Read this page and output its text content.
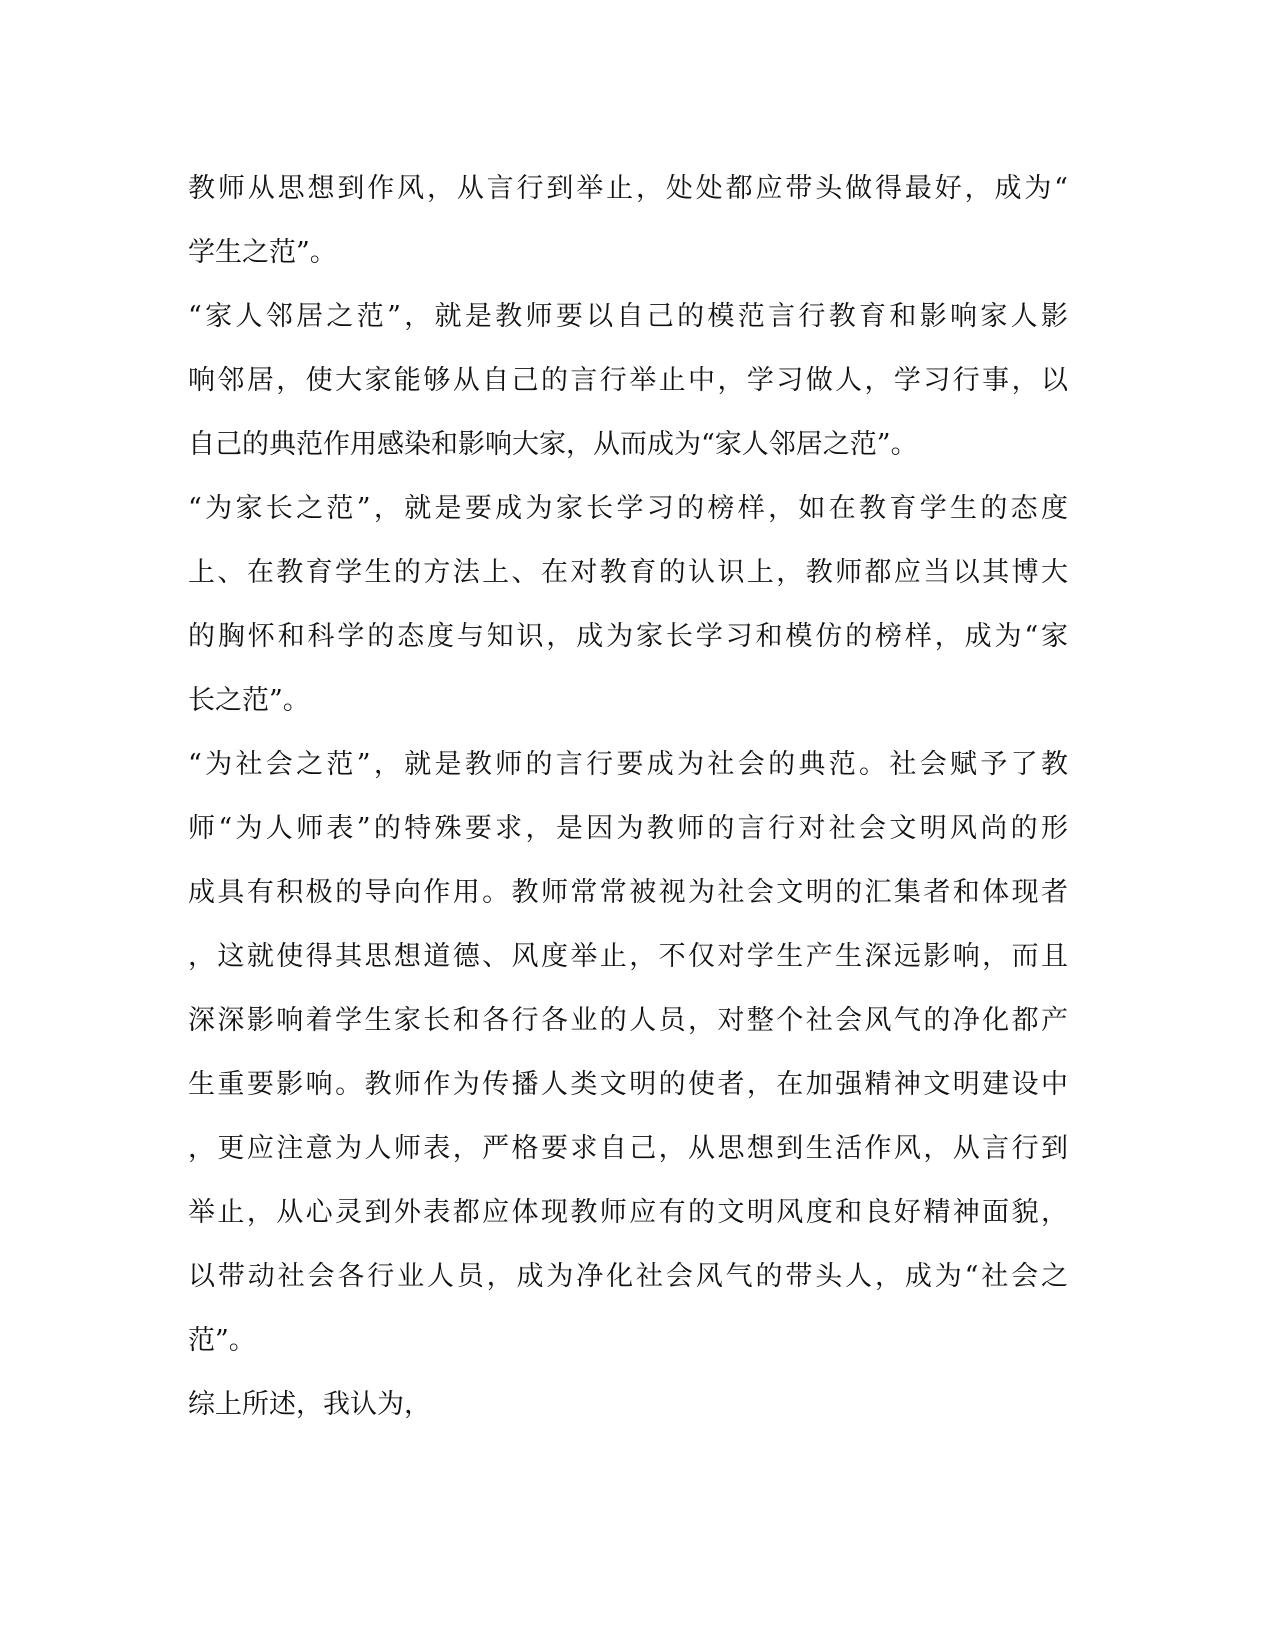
教师从思想到作风，从言行到举止，处处都应带头做得最好，成为“
学生之范”。
“家人邻居之范”，就是教师要以自己的模范言行教育和影响家人影
响邻居，使大家能够从自己的言行举止中，学习做人，学习行事，以
自己的典范作用感染和影响大家，从而成为“家人邻居之范”。
“为家长之范”，就是要成为家长学习的榜样，如在教育学生的态度
上、在教育学生的方法上、在对教育的认识上，教师都应当以其博大
的胸怀和科学的态度与知识，成为家长学习和模仿的榜样，成为“家
长之范”。
“为社会之范”，就是教师的言行要成为社会的典范。社会赋予了教
师“为人师表”的特殊要求，是因为教师的言行对社会文明风尚的形
成具有积极的导向作用。教师常常被视为社会文明的汇集者和体现者
，这就使得其思想道德、风度举止，不仅对学生产生深远影响，而且
深深影响着学生家长和各行各业的人员，对整个社会风气的净化都产
生重要影响。教师作为传播人类文明的使者，在加强精神文明建设中
，更应注意为人师表，严格要求自己，从思想到生活作风，从言行到
举止，从心灵到外表都应体现教师应有的文明风度和良好精神面貌，
以带动社会各行业人员，成为净化社会风气的带头人，成为“社会之
范”。
综上所述，我认为，
